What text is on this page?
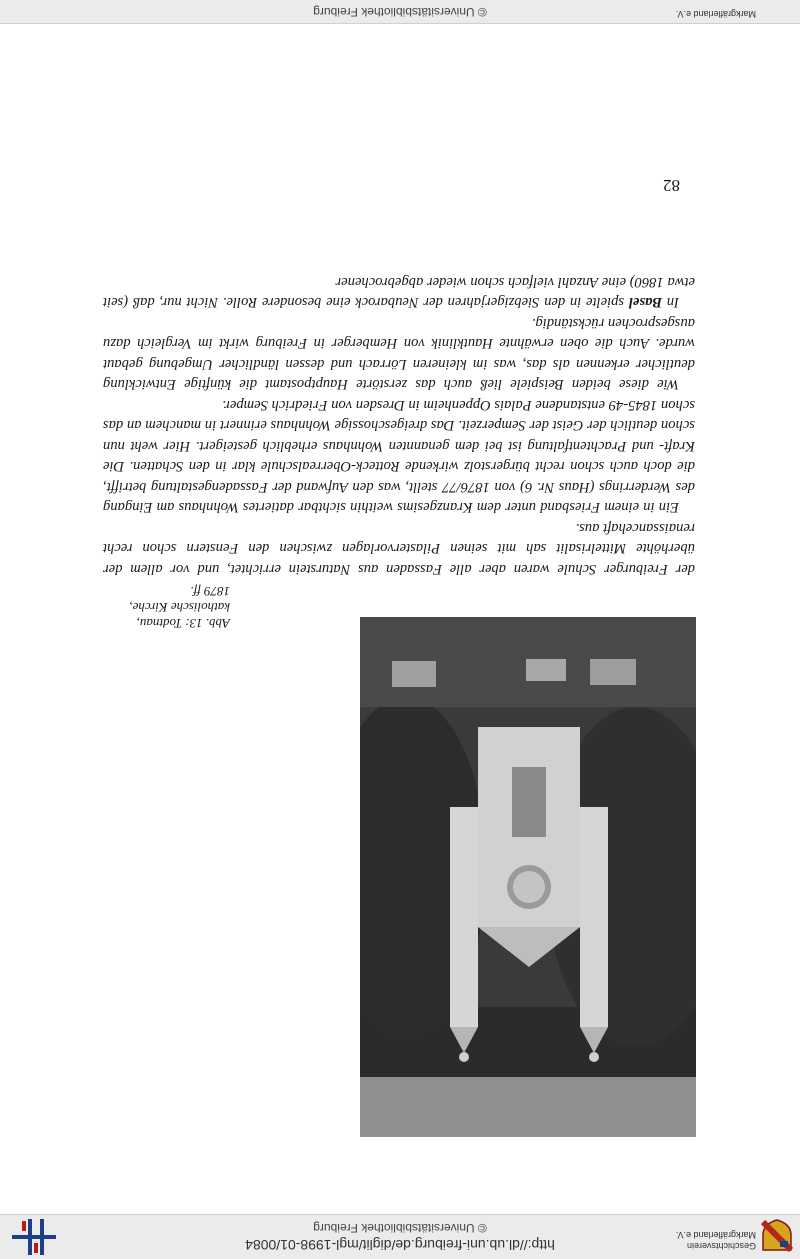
Geschichtsverein
Markgräflerland e.V.
http://dl.ub.uni-freiburg.de/diglit/mgl-1998-01/0084
© Universitätsbibliothek Freiburg
Abb. 13: Todtnau, katholische Kirche,
1879 ff.

der Freiburger Schule waren aber alle Fassaden aus Naturstein errichtet, und vor allem der überhöhte Mittelrisalit sah mit seinen Pilastervorlagen zwischen den Fenstern schon recht renaissancehaft aus.

Ein in einem Friesband unter dem Kranzgesims weithin sichtbar datiertes Wohnhaus am Eingang des Werderrings (Haus Nr. 6) von 1876/77 stellt, was den Aufwand der Fassadengestaltung betrifft, die doch auch schon recht bürgerstolz wirkende Rotteck-Oberrealschule klar in den Schatten. Die Kraft- und Prachtentfaltung ist bei dem genannten Wohnhaus erheblich gesteigert. Hier weht nun schon deutlich der Geist der Semperzeit. Das dreigeschossige Wohnhaus erinnert in manchem an das schon 1845-49 entstandene Palais Oppenheim in Dresden von Friedrich Semper.

Wie diese beiden Beispiele ließ auch das zerstörte Hauptpostamt die künftige Entwicklung deutlicher erkennen als das, was im kleineren Lörrach und dessen ländlicher Umgebung gebaut wurde. Auch die oben erwähnte Hautklinik von Hemberger in Freiburg wirkt im Vergleich dazu ausgesprochen rückständig.

In Basel spielte in den Siebzigerjahren der Neubarock eine besondere Rolle. Nicht nur, daß (seit etwa 1860) eine Anzahl vielfach schon wieder abgebrochener

82
Markgräflerland e.V.
© Universitätsbibliothek Freiburg
